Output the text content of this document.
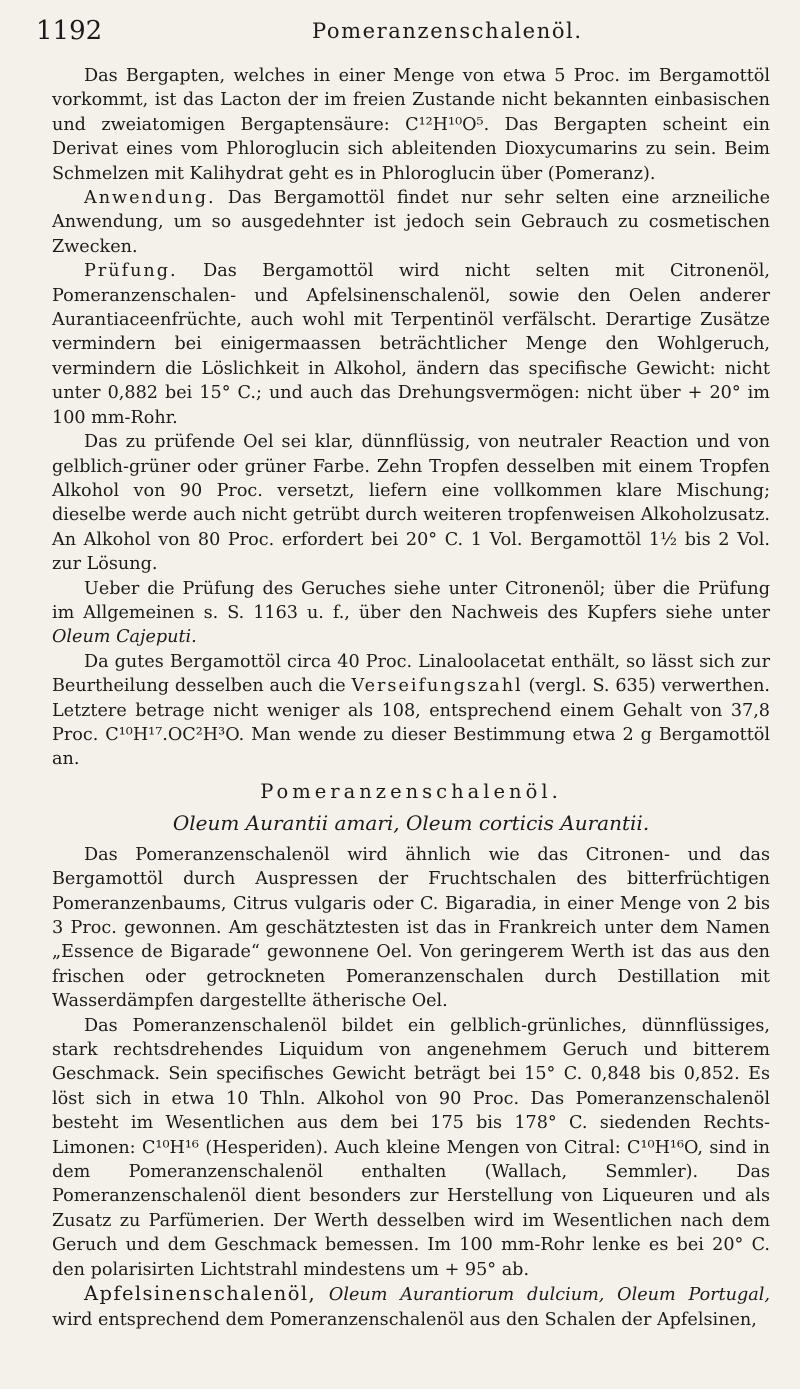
1192	Pomeranzenschalenöl.

Das Bergapten, welches in einer Menge von etwa 5 Proc. im Bergamottöl vorkommt, ist das Lacton der im freien Zustande nicht bekannten einbasischen und zweiatomigen Bergaptensäure: C¹²H¹⁰O⁵. Das Bergapten scheint ein Derivat eines vom Phloroglucin sich ableitenden Dioxycumarins zu sein. Beim Schmelzen mit Kalihydrat geht es in Phloroglucin über (Pomeranz).

Anwendung. Das Bergamottöl findet nur sehr selten eine arzneiliche Anwendung, um so ausgedehnter ist jedoch sein Gebrauch zu cosmetischen Zwecken.

Prüfung. Das Bergamottöl wird nicht selten mit Citronenöl, Pomeranzenschalen- und Apfelsinenschalenöl, sowie den Oelen anderer Aurantiaceenfrüchte, auch wohl mit Terpentinöl verfälscht. Derartige Zusätze vermindern bei einigermaassen beträchtlicher Menge den Wohlgeruch, vermindern die Löslichkeit in Alkohol, ändern das specifische Gewicht: nicht unter 0,882 bei 15° C.; und auch das Drehungsvermögen: nicht über + 20° im 100 mm-Rohr.

Das zu prüfende Oel sei klar, dünnflüssig, von neutraler Reaction und von gelblich-grüner oder grüner Farbe. Zehn Tropfen desselben mit einem Tropfen Alkohol von 90 Proc. versetzt, liefern eine vollkommen klare Mischung; dieselbe werde auch nicht getrübt durch weiteren tropfenweisen Alkoholzusatz. An Alkohol von 80 Proc. erfordert bei 20° C. 1 Vol. Bergamottöl 1½ bis 2 Vol. zur Lösung.

Ueber die Prüfung des Geruches siehe unter Citronenöl; über die Prüfung im Allgemeinen s. S. 1163 u. f., über den Nachweis des Kupfers siehe unter Oleum Cajeputi.

Da gutes Bergamottöl circa 40 Proc. Linaloolacetat enthält, so lässt sich zur Beurtheilung desselben auch die Verseifungszahl (vergl. S. 635) verwerthen. Letztere betrage nicht weniger als 108, entsprechend einem Gehalt von 37,8 Proc. C¹⁰H¹⁷.OC²H³O. Man wende zu dieser Bestimmung etwa 2 g Bergamottöl an.

Pomeranzenschalenöl.
Oleum Aurantii amari, Oleum corticis Aurantii.

Das Pomeranzenschalenöl wird ähnlich wie das Citronen- und das Bergamottöl durch Auspressen der Fruchtschalen des bitterfrüchtigen Pomeranzenbaums, Citrus vulgaris oder C. Bigaradia, in einer Menge von 2 bis 3 Proc. gewonnen. Am geschätztesten ist das in Frankreich unter dem Namen „Essence de Bigarade“ gewonnene Oel. Von geringerem Werth ist das aus den frischen oder getrockneten Pomeranzenschalen durch Destillation mit Wasserdämpfen dargestellte ätherische Oel.

Das Pomeranzenschalenöl bildet ein gelblich-grünliches, dünnflüssiges, stark rechtsdrehendes Liquidum von angenehmem Geruch und bitterem Geschmack. Sein specifisches Gewicht beträgt bei 15° C. 0,848 bis 0,852. Es löst sich in etwa 10 Thln. Alkohol von 90 Proc. Das Pomeranzenschalenöl besteht im Wesentlichen aus dem bei 175 bis 178° C. siedenden Rechts-Limonen: C¹⁰H¹⁶ (Hesperiden). Auch kleine Mengen von Citral: C¹⁰H¹⁶O, sind in dem Pomeranzenschalenöl enthalten (Wallach, Semmler). Das Pomeranzenschalenöl dient besonders zur Herstellung von Liqueuren und als Zusatz zu Parfümerien. Der Werth desselben wird im Wesentlichen nach dem Geruch und dem Geschmack bemessen. Im 100 mm-Rohr lenke es bei 20° C. den polarisirten Lichtstrahl mindestens um + 95° ab.

Apfelsinenschalenöl, Oleum Aurantiorum dulcium, Oleum Portugal, wird entsprechend dem Pomeranzenschalenöl aus den Schalen der Apfelsinen,
